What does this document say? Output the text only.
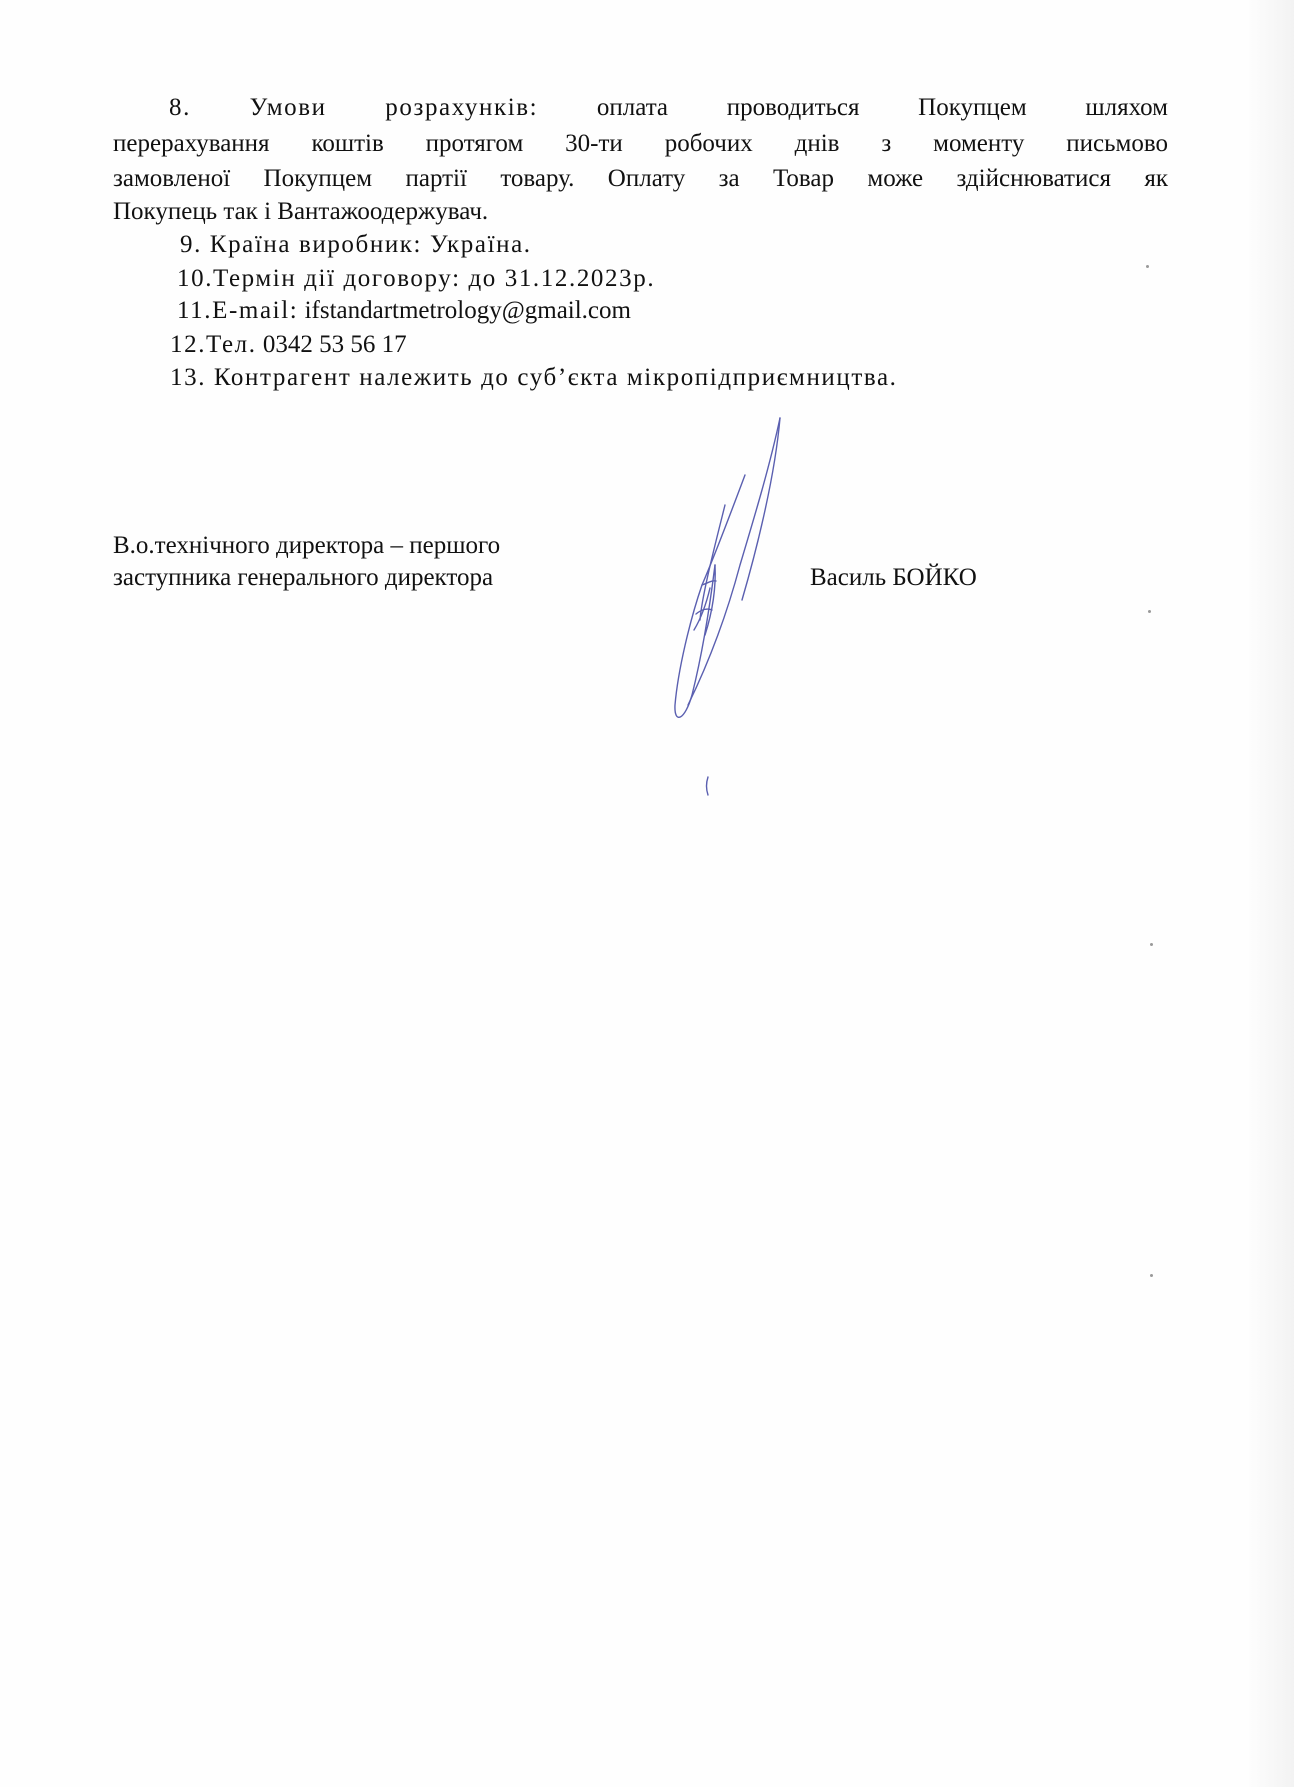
8. Умови розрахунків: оплата проводиться Покупцем шляхом
перерахування коштів протягом 30-ти робочих днів з моменту письмово
замовленої Покупцем партії товару. Оплату за Товар може здійснюватися як
Покупець так і Вантажоодержувач.
9. Країна виробник: Україна.
10.Термін дії договору: до 31.12.2023р.
11.E-mail: ifstandartmetrology@gmail.com
12.Тел. 0342 53 56 17
13. Контрагент належить до суб’єкта мікропідприємництва.
В.о.технічного директора – першого
заступника генерального директора	Василь БОЙКО
